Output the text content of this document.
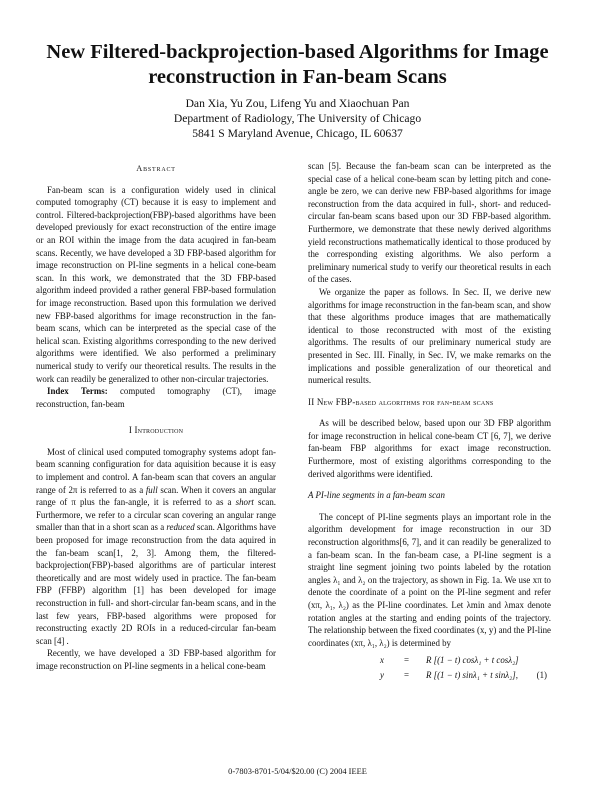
New Filtered-backprojection-based Algorithms for Image
reconstruction in Fan-beam Scans
Dan Xia, Yu Zou, Lifeng Yu and Xiaochuan Pan
Department of Radiology, The University of Chicago
5841 S Maryland Avenue, Chicago, IL 60637
Abstract

Fan-beam scan is a configuration widely used in clinical computed tomography (CT) because it is easy to implement and control. Filtered-backprojection(FBP)-based algorithms have been developed previously for exact reconstruction of the entire image or an ROI within the image from the data acuqired in fan-beam scans. Recently, we have developed a 3D FBP-based algorithm for image reconstruction on PI-line segments in a helical cone-beam scan. In this work, we demonstrated that the 3D FBP-based algorithm indeed provided a rather general FBP-based formulation for image reconstruction. Based upon this formulation we derived new FBP-based algorithms for image reconstruction in the fan-beam scans, which can be interpreted as the special case of the helical scan. Existing algorithms corresponding to the new derived algorithms were identified. We also performed a preliminary numerical study to verify our theoretical results. The results in the work can readily be generalized to other non-circular trajectories.

Index Terms: computed tomography (CT), image reconstruction, fan-beam

I Introduction

Most of clinical used computed tomography systems adopt fan-beam scanning configuration for data aquisition because it is easy to implement and control. A fan-beam scan that covers an angular range of 2π is referred to as a full scan. When it covers an angular range of π plus the fan-angle, it is referred to as a short scan. Furthermore, we refer to a circular scan covering an angular range smaller than that in a short scan as a reduced scan. Algorithms have been proposed for image reconstruction from the data aquired in the fan-beam scan[1, 2, 3]. Among them, the filtered-backprojection(FBP)-based algorithms are of particular interest theoretically and are most widely used in practice. The fan-beam FBP (FFBP) algorithm [1] has been developed for image reconstruction in full- and short-circular fan-beam scans, and in the last few years, FBP-based algorithms were proposed for reconstructing exactly 2D ROIs in a reduced-circular fan-beam scan [4] .

Recently, we have developed a 3D FBP-based algorithm for image reconstruction on PI-line segments in a helical cone-beam

scan [5]. Because the fan-beam scan can be interpreted as the special case of a helical cone-beam scan by letting pitch and cone-angle be zero, we can derive new FBP-based algorithms for image reconstruction from the data acquired in full-, short- and reduced-circular fan-beam scans based upon our 3D FBP-based algorithm. Furthermore, we demonstrate that these newly derived algorithms yield reconstructions mathematically identical to those produced by the corresponding existing algorithms. We also perform a preliminary numerical study to verify our theoretical results in each of the cases.

We organize the paper as follows. In Sec. II, we derive new algorithms for image reconstruction in the fan-beam scan, and show that these algorithms produce images that are mathematically identical to those reconstructed with most of the existing algorithms. The results of our preliminary numerical study are presented in Sec. III. Finally, in Sec. IV, we make remarks on the implications and possible generalization of our theoretical and numerical results.

II New FBP-based algorithms for fan-beam scans

As will be described below, based upon our 3D FBP algorithm for image reconstruction in helical cone-beam CT [6, 7], we derive fan-beam FBP algorithms for exact image reconstruction. Furthermore, most of existing algorithms corresponding to the derived algorithms were identified.

A PI-line segments in a fan-beam scan

The concept of PI-line segments plays an important role in the algorithm development for image reconstruction in our 3D reconstruction algorithms[6, 7], and it can readily be generalized to a fan-beam scan. In the fan-beam case, a PI-line segment is a straight line segment joining two points labeled by the rotation angles λ₁ and λ₂ on the trajectory, as shown in Fig. 1a. We use xπ to denote the coordinate of a point on the PI-line segment and refer (xπ, λ₁, λ₂) as the PI-line coordinates. Let λmin and λmax denote rotation angles at the starting and ending points of the trajectory. The relationship between the fixed coordinates (x, y) and the PI-line coordinates (xπ, λ₁, λ₂) is determined by

x = R [(1 − t) cosλ₁ + t cosλ₂]
y = R [(1 − t) sinλ₁ + t sinλ₂], (1)
0-7803-8701-5/04/$20.00 (C) 2004 IEEE
